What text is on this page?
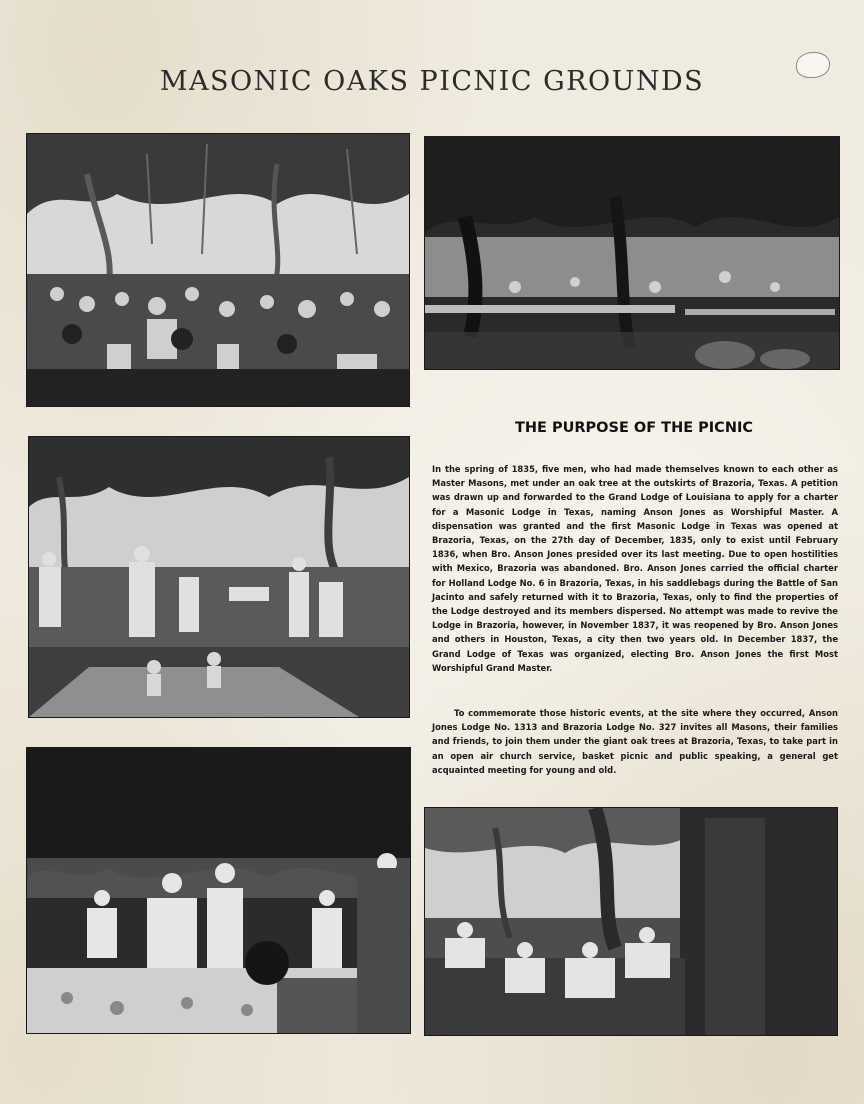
MASONIC OAKS PICNIC GROUNDS
THE PURPOSE OF THE PICNIC

In the spring of 1835, five men, who had made themselves known to each other as Master Masons, met under an oak tree at the outskirts of Brazoria, Texas. A petition was drawn up and forwarded to the Grand Lodge of Louisiana to apply for a charter for a Masonic Lodge in Texas, naming Anson Jones as Worshipful Master. A dispensation was granted and the first Masonic Lodge in Texas was opened at Brazoria, Texas, on the 27th day of December, 1835, only to exist until February 1836, when Bro. Anson Jones presided over its last meeting. Due to open hostilities with Mexico, Brazoria was abandoned. Bro. Anson Jones carried the official charter for Holland Lodge No. 6 in Brazoria, Texas, in his saddlebags during the Battle of San Jacinto and safely returned with it to Brazoria, Texas, only to find the properties of the Lodge destroyed and its members dispersed. No attempt was made to revive the Lodge in Brazoria, however, in November 1837, it was reopened by Bro. Anson Jones and others in Houston, Texas, a city then two years old. In December 1837, the Grand Lodge of Texas was organized, electing Bro. Anson Jones the first Most Worshipful Grand Master.

To commemorate those historic events, at the site where they occurred, Anson Jones Lodge No. 1313 and Brazoria Lodge No. 327 invites all Masons, their families and friends, to join them under the giant oak trees at Brazoria, Texas, to take part in an open air church service, basket picnic and public speaking, a general get acquainted meeting for young and old.
